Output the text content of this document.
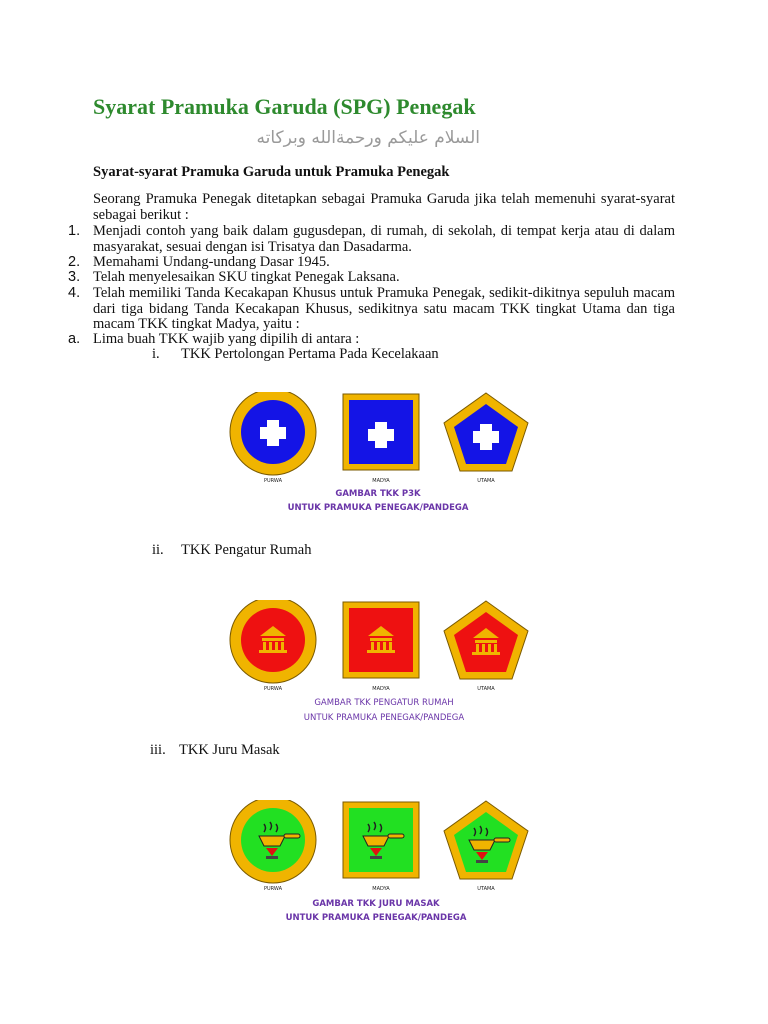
Syarat Pramuka Garuda (SPG) Penegak
السلام عليكم ورحمةالله وبركاته
Syarat-syarat Pramuka Garuda untuk Pramuka Penegak
Seorang Pramuka Penegak ditetapkan sebagai Pramuka Garuda jika telah memenuhi syarat-syarat sebagai berikut :
1. Menjadi contoh yang baik dalam gugusdepan, di rumah, di sekolah, di tempat kerja atau di dalam masyarakat, sesuai dengan isi Trisatya dan Dasadarma.
2. Memahami Undang-undang Dasar 1945.
3. Telah menyelesaikan SKU tingkat Penegak Laksana.
4. Telah memiliki Tanda Kecakapan Khusus untuk Pramuka Penegak, sedikit-dikitnya sepuluh macam dari tiga bidang Tanda Kecakapan Khusus, sedikitnya satu macam TKK tingkat Utama dan tiga macam TKK tingkat Madya, yaitu :
a. Lima buah TKK wajib yang dipilih di antara :
i. TKK Pertolongan Pertama Pada Kecelakaan
PURWA	MADYA	UTAMA
GAMBAR TKK P3K
UNTUK PRAMUKA PENEGAK/PANDEGA
ii. TKK Pengatur Rumah
PURWA	MADYA	UTAMA
GAMBAR TKK PENGATUR RUMAH
UNTUK PRAMUKA PENEGAK/PANDEGA
iii. TKK Juru Masak
PURWA	MADYA	UTAMA
GAMBAR TKK JURU MASAK
UNTUK PRAMUKA PENEGAK/PANDEGA
